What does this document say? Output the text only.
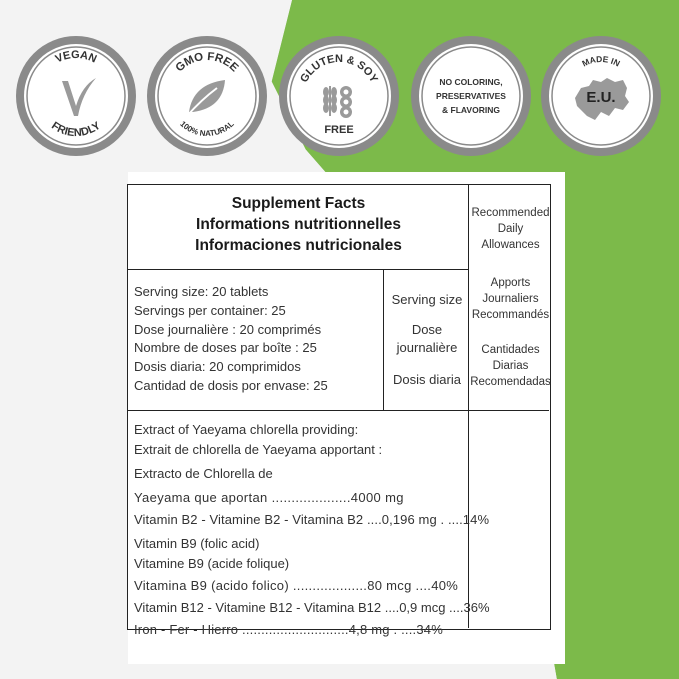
VEGAN
FRIENDLY
GMO FREE
100% NATURAL
GLUTEN & SOY
FREE
NO COLORING,
PRESERVATIVES
& FLAVORING
MADE IN
E.U.
Supplement Facts
Informations nutritionnelles
Informaciones nutricionales
Recommended
Daily
Allowances
Apports
Journaliers
Recommandés
Cantidades
Diarias
Recomendadas
Serving size: 20 tablets
Servings per container: 25
Dose journalière : 20 comprimés
Nombre de doses par boîte : 25
Dosis diaria: 20 comprimidos
Cantidad de dosis por envase: 25
Serving size
Dose
journalière
Dosis diaria
Extract of Yaeyama chlorella providing:
Extrait de chlorella de Yaeyama apportant :
Extracto de Chlorella de
Yaeyama que aportan ....................4000 mg
Vitamin B2 - Vitamine B2 - Vitamina B2 ....0,196 mg . ....14%
Vitamin B9 (folic acid)
Vitamine B9 (acide folique)
Vitamina B9 (acido folico) ...................80 mcg ....40%
Vitamin B12 - Vitamine B12 - Vitamina B12 ....0,9 mcg ....36%
Iron - Fer - Hierro ............................4,8 mg . ....34%
